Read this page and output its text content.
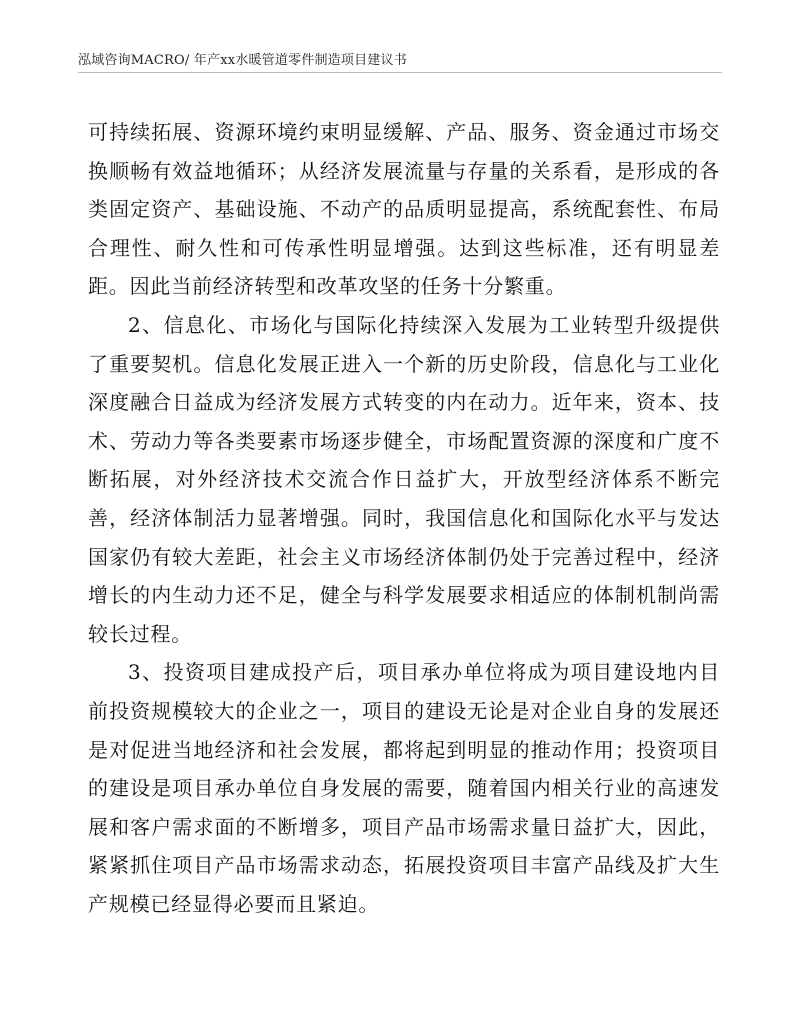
泓域咨询MACRO/ 年产xx水暖管道零件制造项目建议书

可持续拓展、资源环境约束明显缓解、产品、服务、资金通过市场交换顺畅有效益地循环；从经济发展流量与存量的关系看，是形成的各类固定资产、基础设施、不动产的品质明显提高，系统配套性、布局合理性、耐久性和可传承性明显增强。达到这些标准，还有明显差距。因此当前经济转型和改革攻坚的任务十分繁重。

2、信息化、市场化与国际化持续深入发展为工业转型升级提供了重要契机。信息化发展正进入一个新的历史阶段，信息化与工业化深度融合日益成为经济发展方式转变的内在动力。近年来，资本、技术、劳动力等各类要素市场逐步健全，市场配置资源的深度和广度不断拓展，对外经济技术交流合作日益扩大，开放型经济体系不断完善，经济体制活力显著增强。同时，我国信息化和国际化水平与发达国家仍有较大差距，社会主义市场经济体制仍处于完善过程中，经济增长的内生动力还不足，健全与科学发展要求相适应的体制机制尚需较长过程。

3、投资项目建成投产后，项目承办单位将成为项目建设地内目前投资规模较大的企业之一，项目的建设无论是对企业自身的发展还是对促进当地经济和社会发展，都将起到明显的推动作用；投资项目的建设是项目承办单位自身发展的需要，随着国内相关行业的高速发展和客户需求面的不断增多，项目产品市场需求量日益扩大，因此，紧紧抓住项目产品市场需求动态，拓展投资项目丰富产品线及扩大生产规模已经显得必要而且紧迫。
